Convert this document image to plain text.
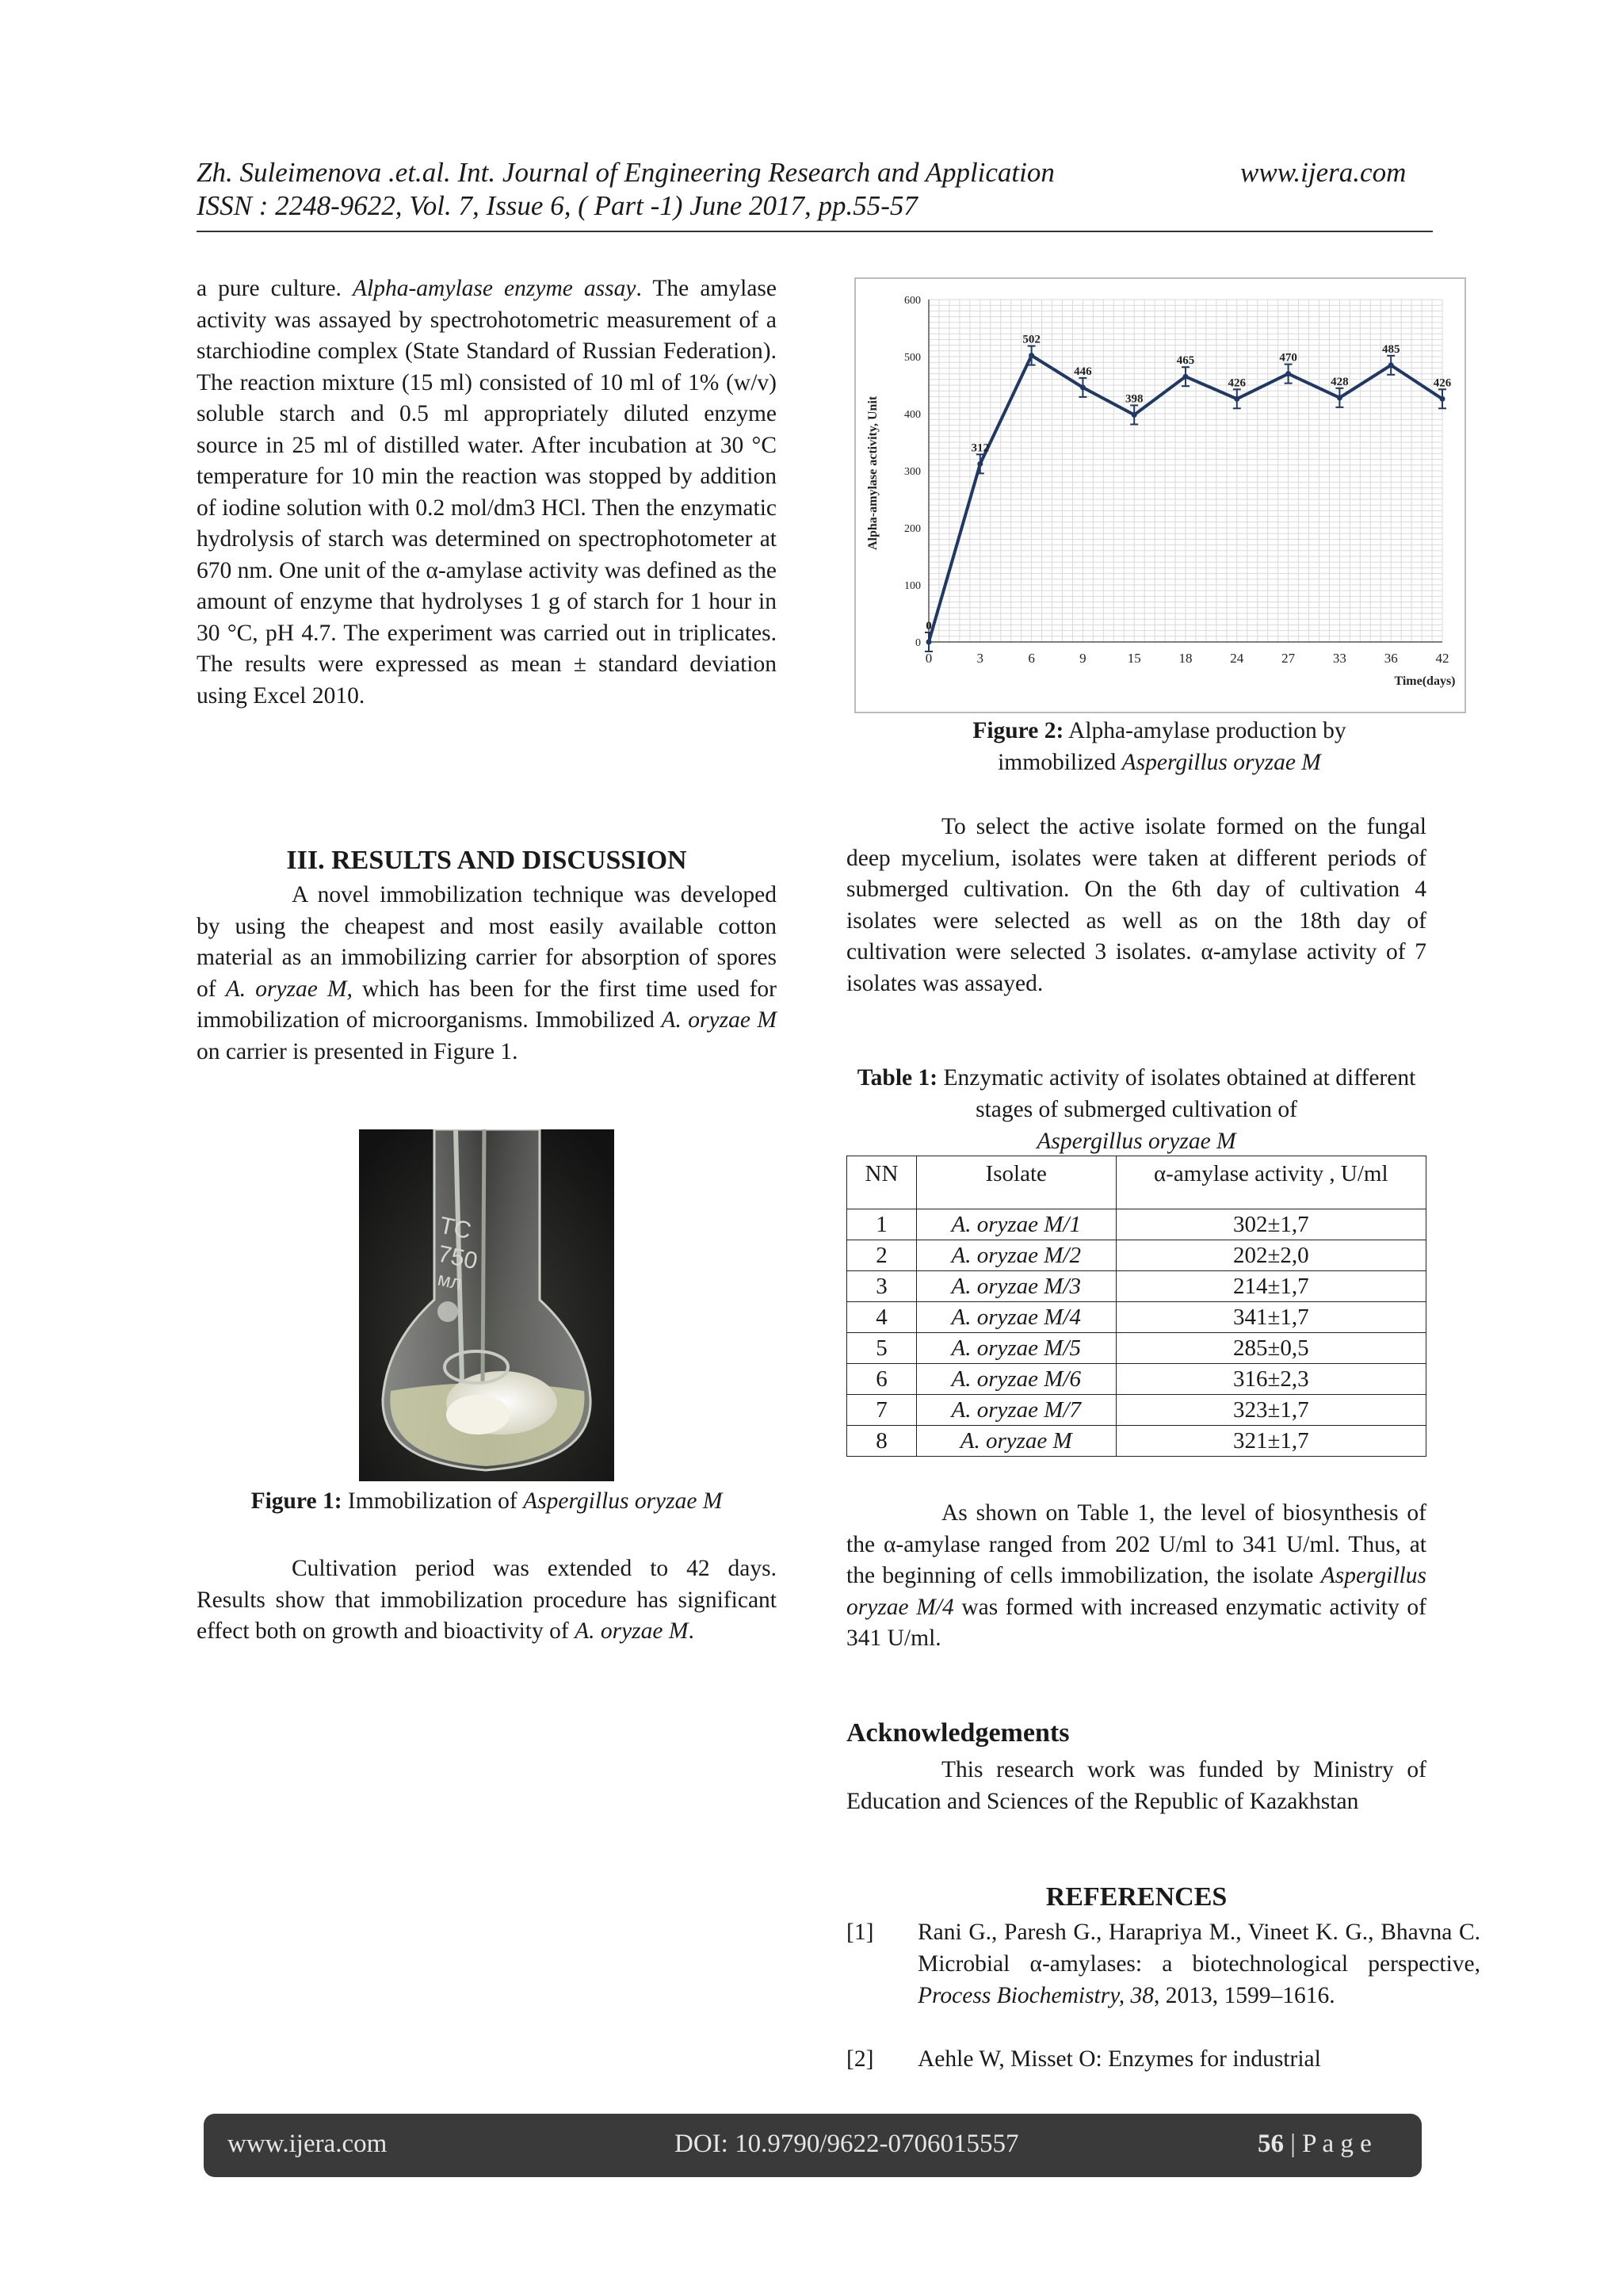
Zh. Suleimenova .et.al. Int. Journal of Engineering Research and Application	www.ijera.com
ISSN : 2248-9622, Vol. 7, Issue 6, ( Part -1) June 2017, pp.55-57

a pure culture. Alpha-amylase enzyme assay. The amylase activity was assayed by spectrohotometric measurement of a starchiodine complex (State Standard of Russian Federation). The reaction mixture (15 ml) consisted of 10 ml of 1% (w/v) soluble starch and 0.5 ml appropriately diluted enzyme source in 25 ml of distilled water. After incubation at 30 °C temperature for 10 min the reaction was stopped by addition of iodine solution with 0.2 mol/dm3 HCl. Then the enzymatic hydrolysis of starch was determined on spectrophotometer at 670 nm. One unit of the α-amylase activity was defined as the amount of enzyme that hydrolyses 1 g of starch for 1 hour in 30 °C, pH 4.7. The experiment was carried out in triplicates. The results were expressed as mean ± standard deviation using Excel 2010.

III. RESULTS AND DISCUSSION

A novel immobilization technique was developed by using the cheapest and most easily available cotton material as an immobilizing carrier for absorption of spores of A. oryzae M, which has been for the first time used for immobilization of microorganisms. Immobilized A. oryzae M on carrier is presented in Figure 1.

TC
750
мл
Figure 1: Immobilization of Aspergillus oryzae M

Cultivation period was extended to 42 days. Results show that immobilization procedure has significant effect both on growth and bioactivity of A. oryzae M.

0
100
200
300
400
500
600
0	3	6	9	15	18	24	27	33	36	42
0
312
502
446
398
465
426
470
428
485
426
Alpha-amylase activity, Unit
Time(days)
Figure 2: Alpha-amylase production by
immobilized Aspergillus oryzae M

To select the active isolate formed on the fungal deep mycelium, isolates were taken at different periods of submerged cultivation. On the 6th day of cultivation 4 isolates were selected as well as on the 18th day of cultivation were selected 3 isolates. α-amylase activity of 7 isolates was assayed.

Table 1: Enzymatic activity of isolates obtained at different stages of submerged cultivation of
Aspergillus oryzae M
NN	Isolate	α-amylase activity , U/ml
1	A. oryzae M/1	302±1,7
2	A. oryzae M/2	202±2,0
3	A. oryzae M/3	214±1,7
4	A. oryzae M/4	341±1,7
5	A. oryzae M/5	285±0,5
6	A. oryzae M/6	316±2,3
7	A. oryzae M/7	323±1,7
8	A. oryzae M	321±1,7

As shown on Table 1, the level of biosynthesis of the α-amylase ranged from 202 U/ml to 341 U/ml. Thus, at the beginning of cells immobilization, the isolate Aspergillus oryzae M/4 was formed with increased enzymatic activity of 341 U/ml.

Acknowledgements

This research work was funded by Ministry of Education and Sciences of the Republic of Kazakhstan

REFERENCES
[1] Rani G., Paresh G., Harapriya M., Vineet K. G., Bhavna C. Microbial α-amylases: a biotechnological perspective, Process Biochemistry, 38, 2013, 1599–1616.
[2] Aehle W, Misset O: Enzymes for industrial
www.ijera.com	DOI: 10.9790/9622-0706015557	56 | P a g e
